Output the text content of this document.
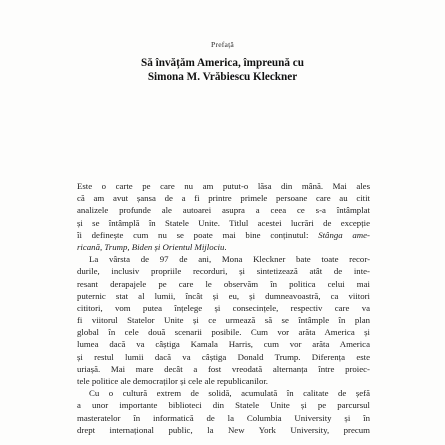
Prefață
Să învățăm America, împreună cu
Simona M. Vrăbiescu Kleckner
Este o carte pe care nu am putut-o lăsa din mână. Mai ales
că am avut șansa de a fi printre primele persoane care au citit
analizele profunde ale autoarei asupra a ceea ce s-a întâmplat
și se întâmplă în Statele Unite. Titlul acestei lucrări de excepție
îi definește cum nu se poate mai bine conținutul: Stânga ame-
ricană, Trump, Biden și Orientul Mijlociu.
La vârsta de 97 de ani, Mona Kleckner bate toate recor-
durile, inclusiv propriile recorduri, și sintetizează atât de inte-
resant derapajele pe care le observăm în politica celui mai
puternic stat al lumii, încât și eu, și dumneavoastră, ca viitori
cititori, vom putea înțelege și consecințele, respectiv care va
fi viitorul Statelor Unite și ce urmează să se întâmple în plan
global în cele două scenarii posibile. Cum vor arăta America și
lumea dacă va câștiga Kamala Harris, cum vor arăta America
și restul lumii dacă va câștiga Donald Trump. Diferența este
uriașă. Mai mare decât a fost vreodată alternanța între proiec-
tele politice ale democraților și cele ale republicanilor.
Cu o cultură extrem de solidă, acumulată în calitate de șefă
a unor importante biblioteci din Statele Unite și pe parcursul
masteratelor în informatică de la Columbia University și în
drept internațional public, la New York University, precum
